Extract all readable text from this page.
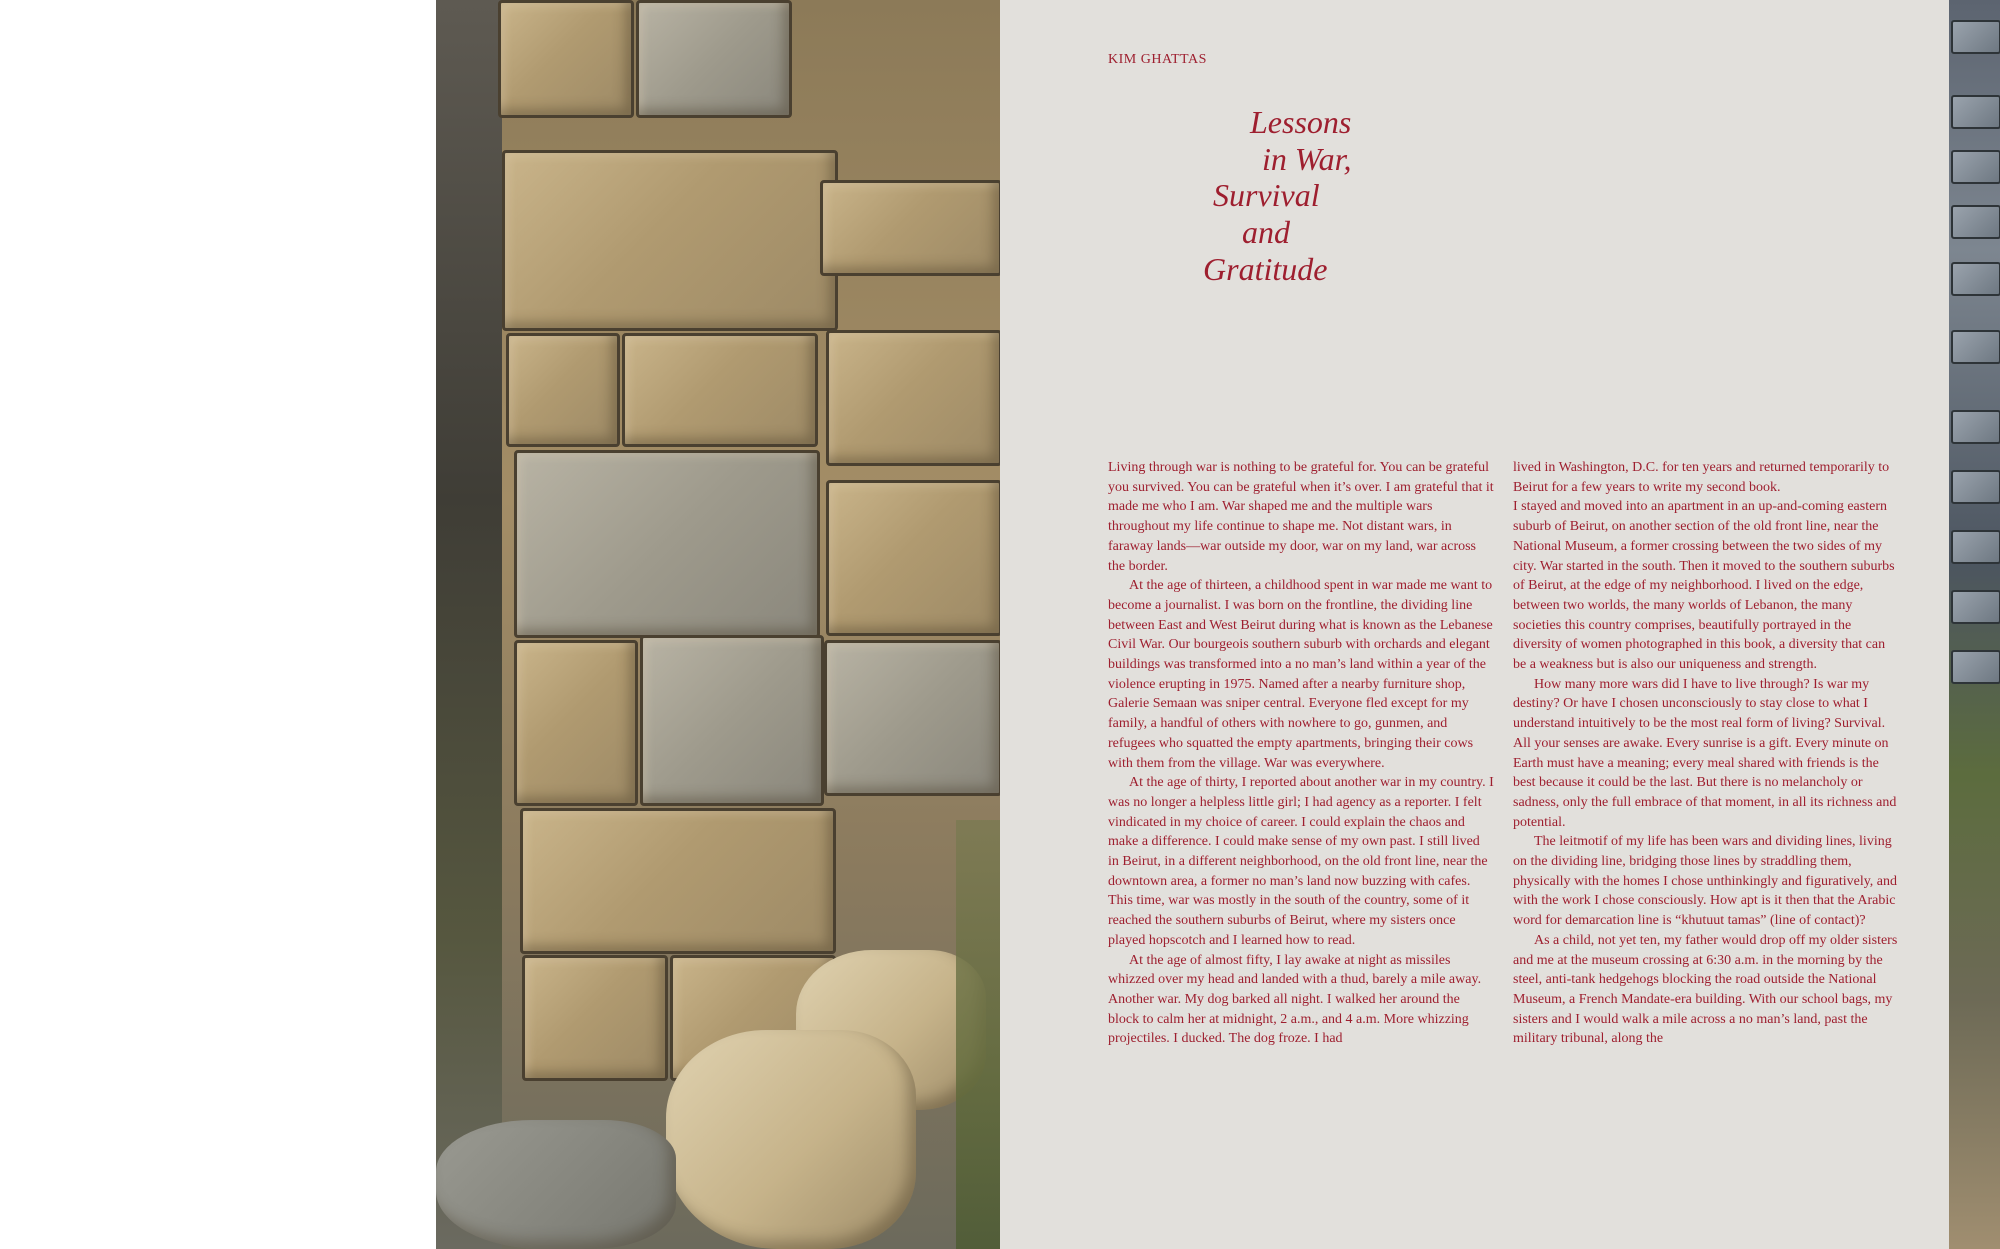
KIM GHATTAS
Lessons
in War,
Survival
and
Gratitude

Living through war is nothing to be grateful for. You can be grateful you survived. You can be grateful when it’s over. I am grateful that it made me who I am. War shaped me and the multiple wars throughout my life continue to shape me. Not distant wars, in faraway lands—war outside my door, war on my land, war across the border.

At the age of thirteen, a childhood spent in war made me want to become a journalist. I was born on the frontline, the dividing line between East and West Beirut during what is known as the Lebanese Civil War. Our bourgeois southern suburb with orchards and elegant buildings was transformed into a no man’s land within a year of the violence erupting in 1975. Named after a nearby furniture shop, Galerie Semaan was sniper central. Everyone fled except for my family, a handful of others with nowhere to go, gunmen, and refugees who squatted the empty apartments, bringing their cows with them from the village. War was everywhere.

At the age of thirty, I reported about another war in my country. I was no longer a helpless little girl; I had agency as a reporter. I felt vindicated in my choice of career. I could explain the chaos and make a difference. I could make sense of my own past. I still lived in Beirut, in a different neighborhood, on the old front line, near the downtown area, a former no man’s land now buzzing with cafes. This time, war was mostly in the south of the country, some of it reached the southern suburbs of Beirut, where my sisters once played hopscotch and I learned how to read.

At the age of almost fifty, I lay awake at night as missiles whizzed over my head and landed with a thud, barely a mile away. Another war. My dog barked all night. I walked her around the block to calm her at midnight, 2 a.m., and 4 a.m. More whizzing projectiles. I ducked. The dog froze. I had

lived in Washington, D.C. for ten years and returned temporarily to Beirut for a few years to write my second book.

I stayed and moved into an apartment in an up-and-coming eastern suburb of Beirut, on another section of the old front line, near the National Museum, a former crossing between the two sides of my city. War started in the south. Then it moved to the southern suburbs of Beirut, at the edge of my neighborhood. I lived on the edge, between two worlds, the many worlds of Lebanon, the many societies this country comprises, beautifully portrayed in the diversity of women photographed in this book, a diversity that can be a weakness but is also our uniqueness and strength.

How many more wars did I have to live through? Is war my destiny? Or have I chosen unconsciously to stay close to what I understand intuitively to be the most real form of living? Survival. All your senses are awake. Every sunrise is a gift. Every minute on Earth must have a meaning; every meal shared with friends is the best because it could be the last. But there is no melancholy or sadness, only the full embrace of that moment, in all its richness and potential.

The leitmotif of my life has been wars and dividing lines, living on the dividing line, bridging those lines by straddling them, physically with the homes I chose unthinkingly and figuratively, and with the work I chose consciously. How apt is it then that the Arabic word for demarcation line is “khutuut tamas” (line of contact)?

As a child, not yet ten, my father would drop off my older sisters and me at the museum crossing at 6:30 a.m. in the morning by the steel, anti-tank hedgehogs blocking the road outside the National Museum, a French Mandate-era building. With our school bags, my sisters and I would walk a mile across a no man’s land, past the military tribunal, along the
